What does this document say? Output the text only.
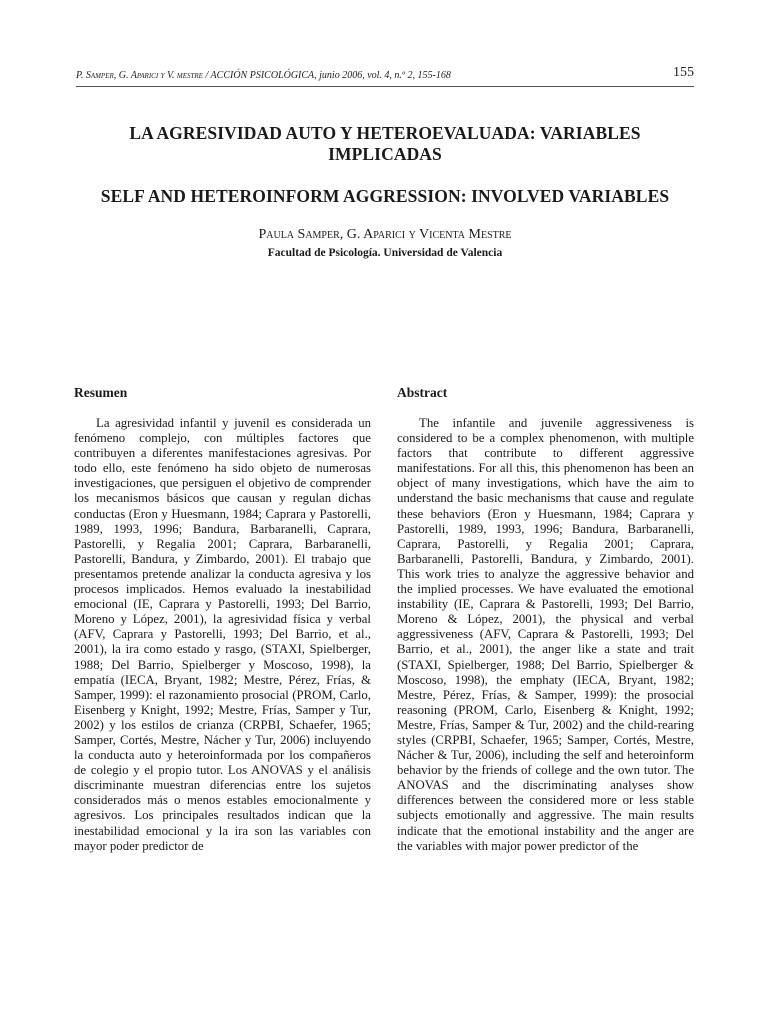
P. Samper, G. Aparici y V. mestre / ACCIÓN PSICOLÓGICA, junio 2006, vol. 4, n.º 2, 155-168	155
LA AGRESIVIDAD AUTO Y HETEROEVALUADA: VARIABLES IMPLICADAS
SELF AND HETEROINFORM AGGRESSION: INVOLVED VARIABLES
Paula Samper, G. Aparici y Vicenta Mestre
Facultad de Psicología. Universidad de Valencia
Resumen

La agresividad infantil y juvenil es considerada un fenómeno complejo, con múltiples factores que contribuyen a diferentes manifestaciones agresivas. Por todo ello, este fenómeno ha sido objeto de numerosas investigaciones, que persiguen el objetivo de comprender los mecanismos básicos que causan y regulan dichas conductas (Eron y Huesmann, 1984; Caprara y Pastorelli, 1989, 1993, 1996; Bandura, Barbaranelli, Caprara, Pastorelli, y Regalia 2001; Caprara, Barbaranelli, Pastorelli, Bandura, y Zimbardo, 2001). El trabajo que presentamos pretende analizar la conducta agresiva y los procesos implicados. Hemos evaluado la inestabilidad emocional (IE, Caprara y Pastorelli, 1993; Del Barrio, Moreno y López, 2001), la agresividad física y verbal (AFV, Caprara y Pastorelli, 1993; Del Barrio, et al., 2001), la ira como estado y rasgo, (STAXI, Spielberger, 1988; Del Barrio, Spielberger y Moscoso, 1998), la empatía (IECA, Bryant, 1982; Mestre, Pérez, Frías, & Samper, 1999): el razonamiento prosocial (PROM, Carlo, Eisenberg y Knight, 1992; Mestre, Frías, Samper y Tur, 2002) y los estilos de crianza (CRPBI, Schaefer, 1965; Samper, Cortés, Mestre, Nácher y Tur, 2006) incluyendo la conducta auto y heteroinformada por los compañeros de colegio y el propio tutor. Los ANOVAS y el análisis discriminante muestran diferencias entre los sujetos considerados más o menos estables emocionalmente y agresivos. Los principales resultados indican que la inestabilidad emocional y la ira son las variables con mayor poder predictor de

Abstract

The infantile and juvenile aggressiveness is considered to be a complex phenomenon, with multiple factors that contribute to different aggressive manifestations. For all this, this phenomenon has been an object of many investigations, which have the aim to understand the basic mechanisms that cause and regulate these behaviors (Eron y Huesmann, 1984; Caprara y Pastorelli, 1989, 1993, 1996; Bandura, Barbaranelli, Caprara, Pastorelli, y Regalia 2001; Caprara, Barbaranelli, Pastorelli, Bandura, y Zimbardo, 2001). This work tries to analyze the aggressive behavior and the implied processes. We have evaluated the emotional instability (IE, Caprara & Pastorelli, 1993; Del Barrio, Moreno & López, 2001), the physical and verbal aggressiveness (AFV, Caprara & Pastorelli, 1993; Del Barrio, et al., 2001), the anger like a state and trait (STAXI, Spielberger, 1988; Del Barrio, Spielberger & Moscoso, 1998), the emphaty (IECA, Bryant, 1982; Mestre, Pérez, Frías, & Samper, 1999): the prosocial reasoning (PROM, Carlo, Eisenberg & Knight, 1992; Mestre, Frías, Samper & Tur, 2002) and the child-rearing styles (CRPBI, Schaefer, 1965; Samper, Cortés, Mestre, Nácher & Tur, 2006), including the self and heteroinform behavior by the friends of college and the own tutor. The ANOVAS and the discriminating analyses show differences between the considered more or less stable subjects emotionally and aggressive. The main results indicate that the emotional instability and the anger are the variables with major power predictor of the
